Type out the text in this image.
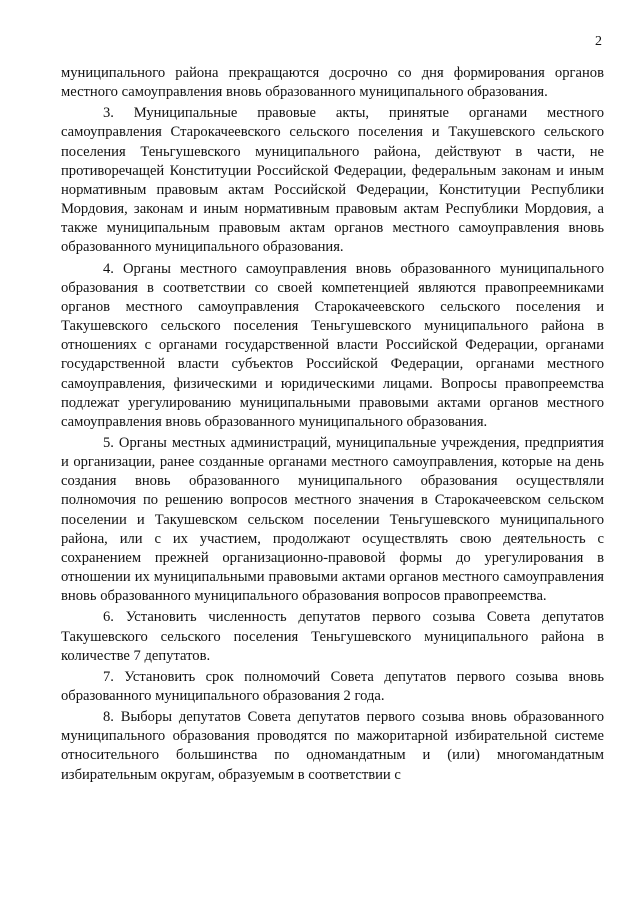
2

муниципального района прекращаются досрочно со дня формирования органов местного самоуправления вновь образованного муниципального образования.

3. Муниципальные правовые акты, принятые органами местного самоуправления Старокачеевского сельского поселения и Такушевского сельского поселения Теньгушевского муниципального района, действуют в части, не противоречащей Конституции Российской Федерации, федеральным законам и иным нормативным правовым актам Российской Федерации, Конституции Республики Мордовия, законам и иным нормативным правовым актам Республики Мордовия, а также муниципальным правовым актам органов местного самоуправления вновь образованного муниципального образования.

4. Органы местного самоуправления вновь образованного муниципального образования в соответствии со своей компетенцией являются правопреемниками органов местного самоуправления Старокачеевского сельского поселения и Такушевского сельского поселения Теньгушевского муниципального района в отношениях с органами государственной власти Российской Федерации, органами государственной власти субъектов Российской Федерации, органами местного самоуправления, физическими и юридическими лицами. Вопросы правопреемства подлежат урегулированию муниципальными правовыми актами органов местного самоуправления вновь образованного муниципального образования.

5. Органы местных администраций, муниципальные учреждения, предприятия и организации, ранее созданные органами местного самоуправления, которые на день создания вновь образованного муниципального образования осуществляли полномочия по решению вопросов местного значения в Старокачеевском сельском поселении и Такушевском сельском поселении Теньгушевского муниципального района, или с их участием, продолжают осуществлять свою деятельность с сохранением прежней организационно-правовой формы до урегулирования в отношении их муниципальными правовыми актами органов местного самоуправления вновь образованного муниципального образования вопросов правопреемства.

6. Установить численность депутатов первого созыва Совета депутатов Такушевского сельского поселения Теньгушевского муниципального района в количестве 7 депутатов.

7. Установить срок полномочий Совета депутатов первого созыва вновь образованного муниципального образования 2 года.

8. Выборы депутатов Совета депутатов первого созыва вновь образованного муниципального образования проводятся по мажоритарной избирательной системе относительного большинства по одномандатным и (или) многомандатным избирательным округам, образуемым в соответствии с
